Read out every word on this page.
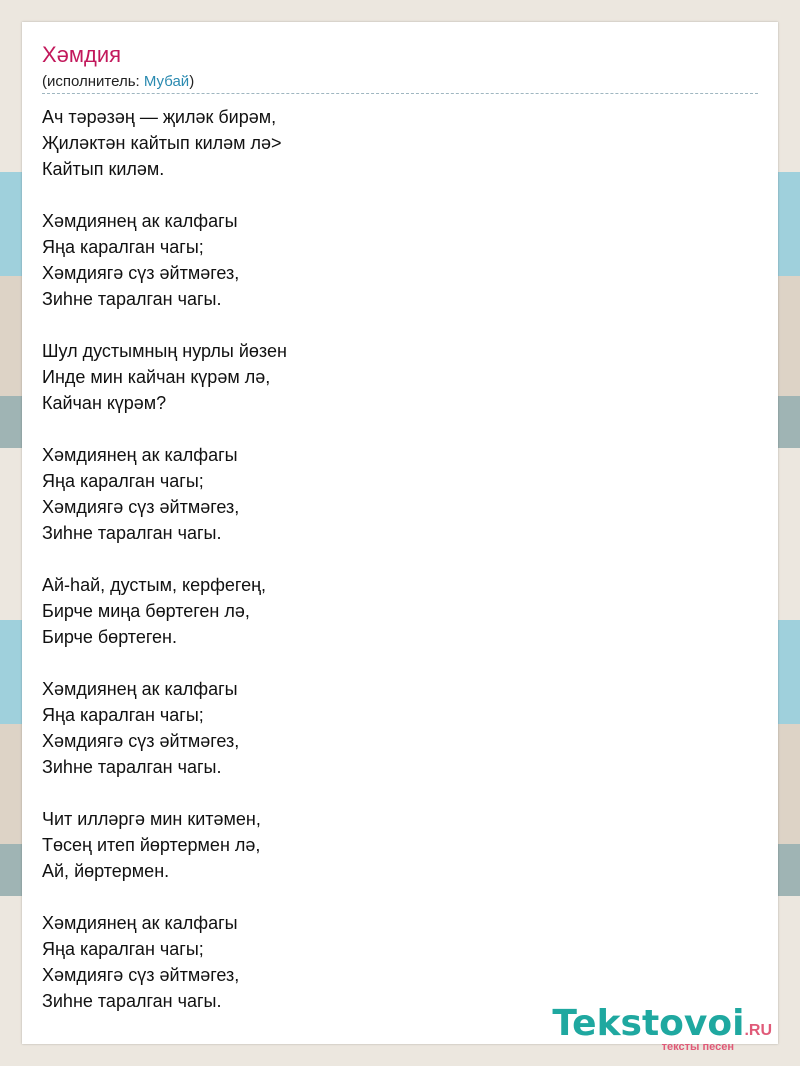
Хәмдия
(исполнитель: Мубай)
Ач тәрәзәң — җиләк бирәм,
Җиләктән кайтып киләм лә>
Кайтып киләм.
Хәмдиянең ак калфагы
Яңа каралган чагы;
Хәмдиягә сүз әйтмәгез,
Зиһне таралган чагы.
Шул дустымның нурлы йөзен
Инде мин кайчан күрәм лә,
Кайчан күрәм?
Хәмдиянең ак калфагы
Яңа каралган чагы;
Хәмдиягә сүз әйтмәгез,
Зиһне таралган чагы.
Ай-һай, дустым, керфегең,
Бирче миңа бөртеген лә,
Бирче бөртеген.
Хәмдиянең ак калфагы
Яңа каралган чагы;
Хәмдиягә сүз әйтмәгез,
Зиһне таралган чагы.
Чит илләргә мин китәмен,
Төсең итеп йөртермен лә,
Ай, йөртермен.
Хәмдиянең ак калфагы
Яңа каралган чагы;
Хәмдиягә сүз әйтмәгез,
Зиһне таралган чагы.
Tekstovoi.RU
тексты песен
